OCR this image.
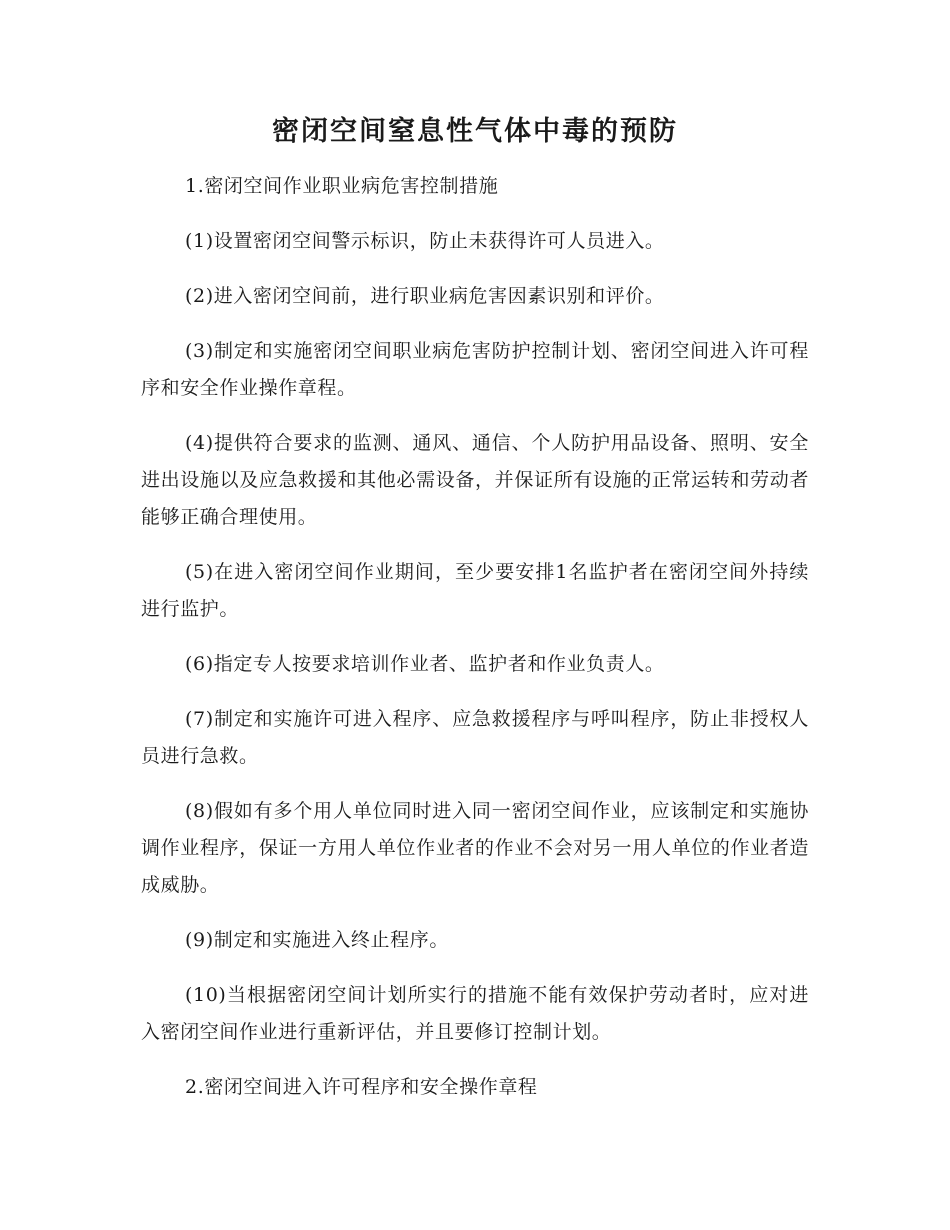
密闭空间窒息性气体中毒的预防

1.密闭空间作业职业病危害控制措施

(1)设置密闭空间警示标识，防止未获得许可人员进入。

(2)进入密闭空间前，进行职业病危害因素识别和评价。

(3)制定和实施密闭空间职业病危害防护控制计划、密闭空间进入许可程序和安全作业操作章程。

(4)提供符合要求的监测、通风、通信、个人防护用品设备、照明、安全进出设施以及应急救援和其他必需设备，并保证所有设施的正常运转和劳动者能够正确合理使用。

(5)在进入密闭空间作业期间，至少要安排1名监护者在密闭空间外持续进行监护。

(6)指定专人按要求培训作业者、监护者和作业负责人。

(7)制定和实施许可进入程序、应急救援程序与呼叫程序，防止非授权人员进行急救。

(8)假如有多个用人单位同时进入同一密闭空间作业，应该制定和实施协调作业程序，保证一方用人单位作业者的作业不会对另一用人单位的作业者造成威胁。

(9)制定和实施进入终止程序。

(10)当根据密闭空间计划所实行的措施不能有效保护劳动者时，应对进入密闭空间作业进行重新评估，并且要修订控制计划。

2.密闭空间进入许可程序和安全操作章程
